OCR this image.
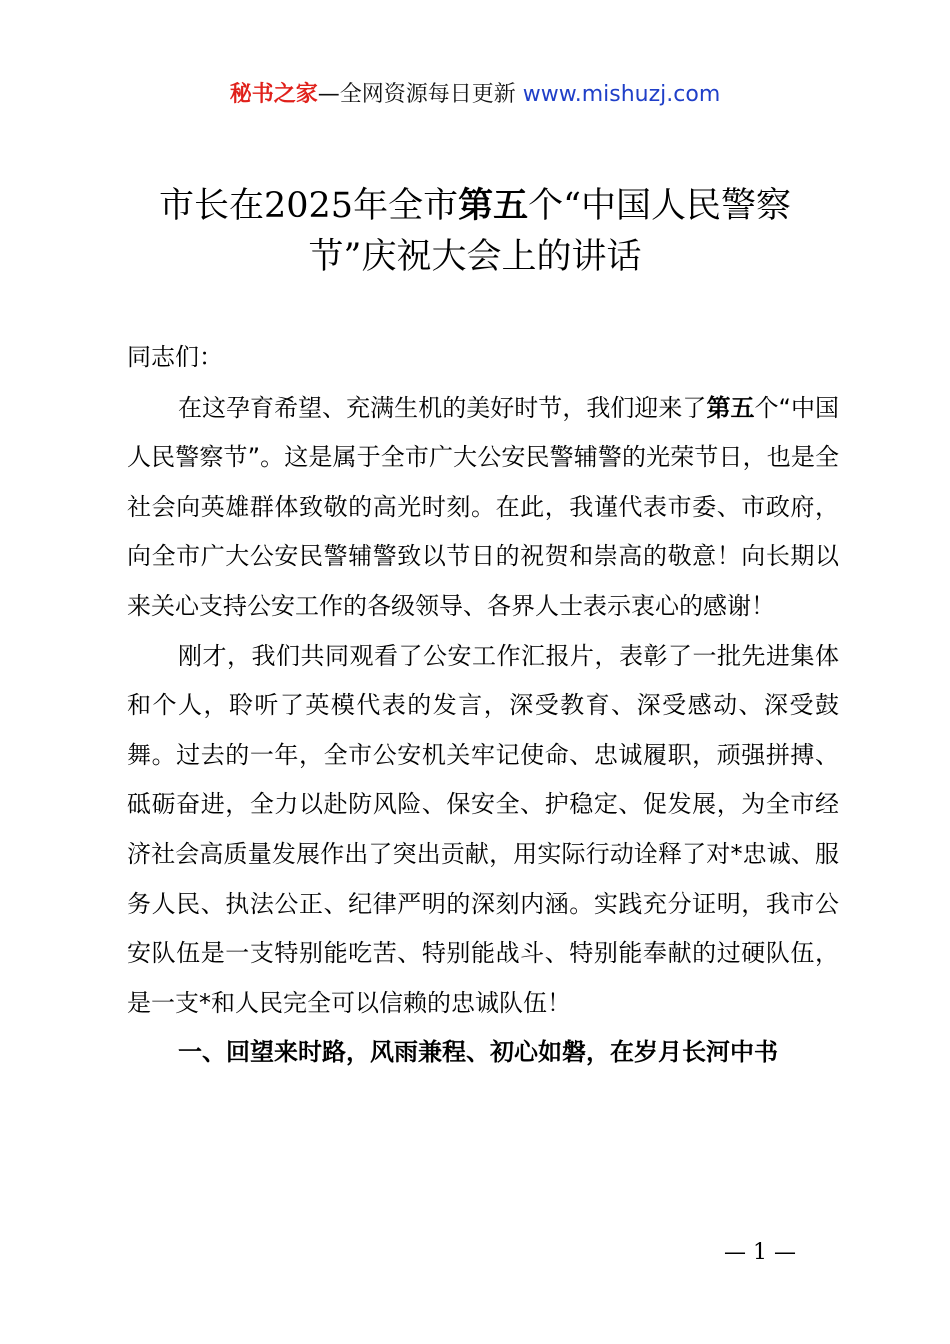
秘书之家—全网资源每日更新 www.mishuzj.com
市长在2025年全市第五个“中国人民警察
节”庆祝大会上的讲话

同志们：

在这孕育希望、充满生机的美好时节，我们迎来了第五个“中国人民警察节”。这是属于全市广大公安民警辅警的光荣节日，也是全社会向英雄群体致敬的高光时刻。在此，我谨代表市委、市政府，向全市广大公安民警辅警致以节日的祝贺和崇高的敬意！向长期以来关心支持公安工作的各级领导、各界人士表示衷心的感谢！

刚才，我们共同观看了公安工作汇报片，表彰了一批先进集体和个人，聆听了英模代表的发言，深受教育、深受感动、深受鼓舞。过去的一年，全市公安机关牢记使命、忠诚履职，顽强拼搏、砥砺奋进，全力以赴防风险、保安全、护稳定、促发展，为全市经济社会高质量发展作出了突出贡献，用实际行动诠释了对*忠诚、服务人民、执法公正、纪律严明的深刻内涵。实践充分证明，我市公安队伍是一支特别能吃苦、特别能战斗、特别能奉献的过硬队伍，是一支*和人民完全可以信赖的忠诚队伍！

一、回望来时路，风雨兼程、初心如磐，在岁月长河中书

— 1 —
